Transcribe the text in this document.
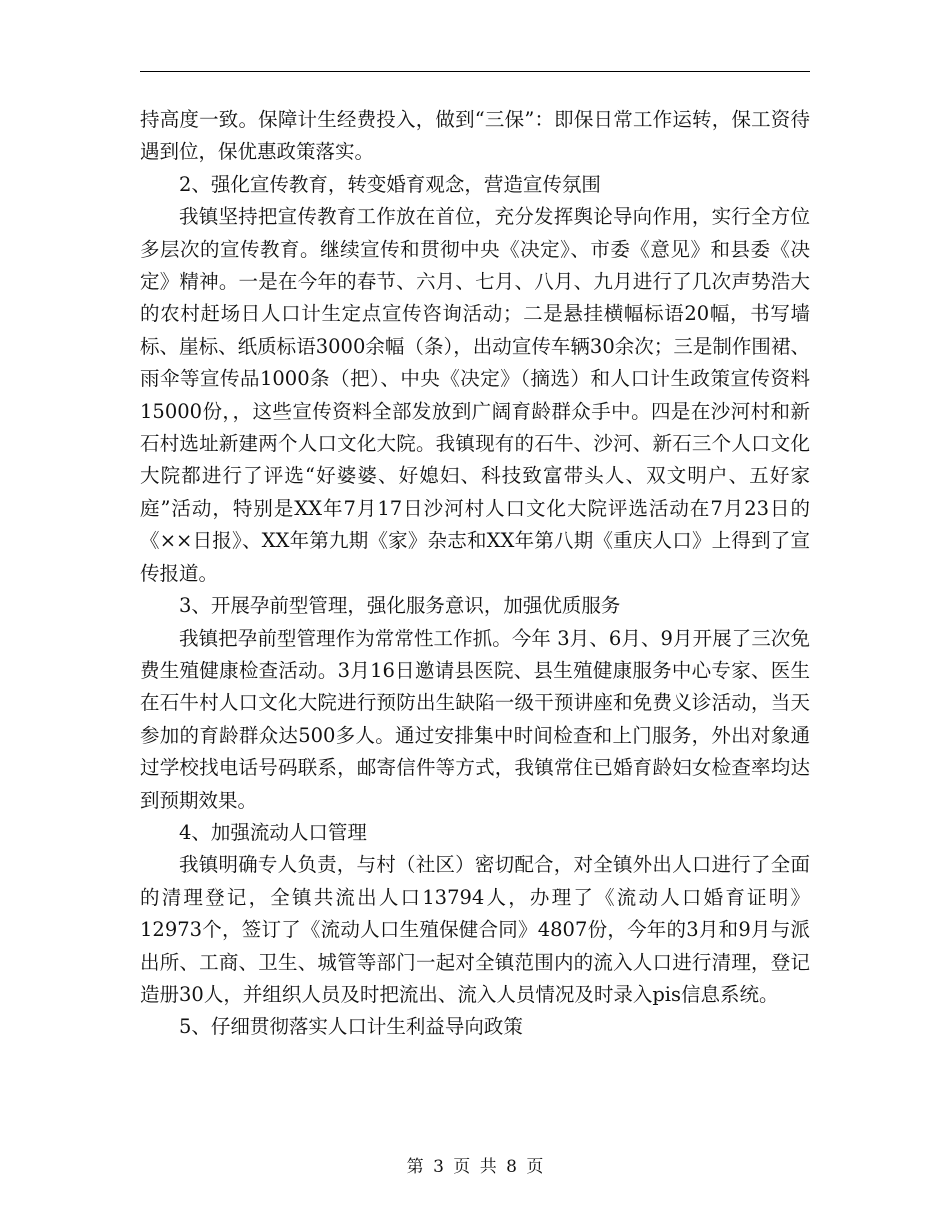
持高度一致。保障计生经费投入，做到“三保”：即保日常工作运转，保工资待遇到位，保优惠政策落实。

2、强化宣传教育，转变婚育观念，营造宣传氛围

我镇坚持把宣传教育工作放在首位，充分发挥舆论导向作用，实行全方位多层次的宣传教育。继续宣传和贯彻中央《决定》、市委《意见》和县委《决定》精神。一是在今年的春节、六月、七月、八月、九月进行了几次声势浩大的农村赶场日人口计生定点宣传咨询活动；二是悬挂横幅标语20幅，书写墙标、崖标、纸质标语3000余幅（条），出动宣传车辆30余次；三是制作围裙、雨伞等宣传品1000条（把）、中央《决定》（摘选）和人口计生政策宣传资料15000份，，这些宣传资料全部发放到广阔育龄群众手中。四是在沙河村和新石村选址新建两个人口文化大院。我镇现有的石牛、沙河、新石三个人口文化大院都进行了评选“好婆婆、好媳妇、科技致富带头人、双文明户、五好家庭”活动，特别是XX年7月17日沙河村人口文化大院评选活动在7月23日的《××日报》、XX年第九期《家》杂志和XX年第八期《重庆人口》上得到了宣传报道。

3、开展孕前型管理，强化服务意识，加强优质服务

我镇把孕前型管理作为常常性工作抓。今年 3月、6月、9月开展了三次免费生殖健康检查活动。3月16日邀请县医院、县生殖健康服务中心专家、医生在石牛村人口文化大院进行预防出生缺陷一级干预讲座和免费义诊活动，当天参加的育龄群众达500多人。通过安排集中时间检查和上门服务，外出对象通过学校找电话号码联系，邮寄信件等方式，我镇常住已婚育龄妇女检查率均达到预期效果。

4、加强流动人口管理

我镇明确专人负责，与村（社区）密切配合，对全镇外出人口进行了全面的清理登记，全镇共流出人口13794人，办理了《流动人口婚育证明》12973个，签订了《流动人口生殖保健合同》4807份，今年的3月和9月与派出所、工商、卫生、城管等部门一起对全镇范围内的流入人口进行清理，登记造册30人，并组织人员及时把流出、流入人员情况及时录入pis信息系统。

5、仔细贯彻落实人口计生利益导向政策

第 3 页 共 8 页
